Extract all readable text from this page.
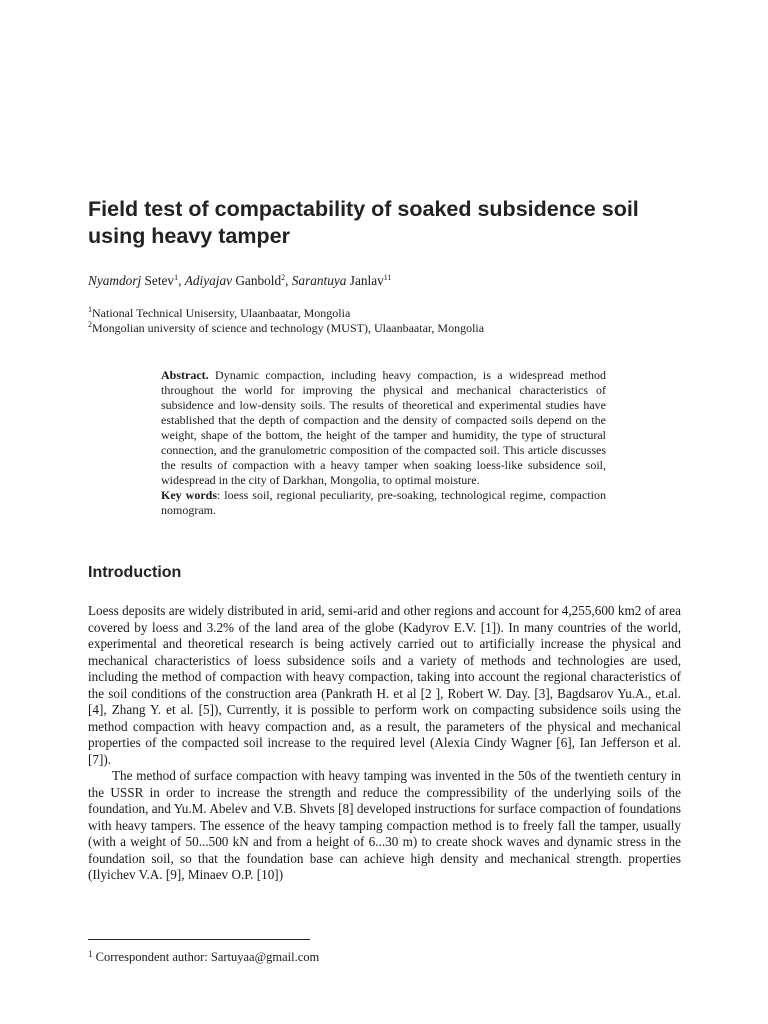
Field test of compactability of soaked subsidence soil using heavy tamper
Nyamdorj Setev$^1$, Adiyajav Ganbold$^2$, Sarantuya Janlav$^{11}$
$^1$National Technical Unisersity, Ulaanbaatar, Mongolia
$^2$Mongolian university of science and technology (MUST), Ulaanbaatar, Mongolia

Abstract. Dynamic compaction, including heavy compaction, is a widespread method throughout the world for improving the physical and mechanical characteristics of subsidence and low-density soils. The results of theoretical and experimental studies have established that the depth of compaction and the density of compacted soils depend on the weight, shape of the bottom, the height of the tamper and humidity, the type of structural connection, and the granulometric composition of the compacted soil. This article discusses the results of compaction with a heavy tamper when soaking loess-like subsidence soil, widespread in the city of Darkhan, Mongolia, to optimal moisture.

Key words: loess soil, regional peculiarity, pre-soaking, technological regime, compaction nomogram.

Introduction

Loess deposits are widely distributed in arid, semi-arid and other regions and account for 4,255,600 km2 of area covered by loess and 3.2% of the land area of the globe (Kadyrov E.V. [1]). In many countries of the world, experimental and theoretical research is being actively carried out to artificially increase the physical and mechanical characteristics of loess subsidence soils and a variety of methods and technologies are used, including the method of compaction with heavy compaction, taking into account the regional characteristics of the soil conditions of the construction area (Pankrath H. et al [2 ], Robert W. Day. [3], Bagdsarov Yu.A., et.al. [4], Zhang Y. et al. [5]), Currently, it is possible to perform work on compacting subsidence soils using the method compaction with heavy compaction and, as a result, the parameters of the physical and mechanical properties of the compacted soil increase to the required level (Alexia Cindy Wagner [6], Ian Jefferson et al. [7]).

The method of surface compaction with heavy tamping was invented in the 50s of the twentieth century in the USSR in order to increase the strength and reduce the compressibility of the underlying soils of the foundation, and Yu.M. Abelev and V.B. Shvets [8] developed instructions for surface compaction of foundations with heavy tampers. The essence of the heavy tamping compaction method is to freely fall the tamper, usually (with a weight of 50...500 kN and from a height of 6...30 m) to create shock waves and dynamic stress in the foundation soil, so that the foundation base can achieve high density and mechanical strength. properties (Ilyichev V.A. [9], Minaev O.P. [10])

$^1$ Correspondent author: Sartuyaa@gmail.com
